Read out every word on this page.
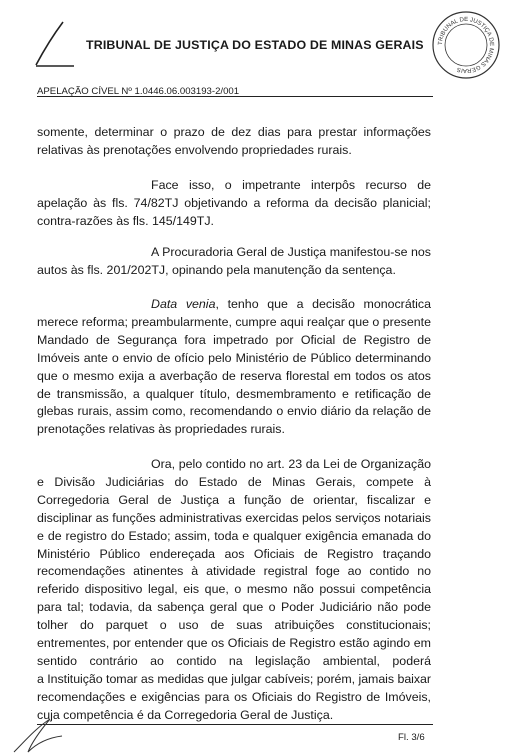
TRIBUNAL DE JUSTIÇA DO ESTADO DE MINAS GERAIS	TRIBUNAL DE JUSTIÇA DE MINAS GERAIS
APELAÇÃO CÍVEL Nº 1.0446.06.003193-2/001

somente, determinar o prazo de dez dias para prestar informações
relativas às prenotações envolvendo propriedades rurais.

Face isso, o impetrante interpôs recurso de
apelação às fls. 74/82TJ objetivando a reforma da decisão planicial;
contra-razões às fls. 145/149TJ.

A Procuradoria Geral de Justiça manifestou-se nos
autos às fls. 201/202TJ, opinando pela manutenção da sentença.

Data venia, tenho que a decisão monocrática
merece reforma; preambularmente, cumpre aqui realçar que o presente
Mandado de Segurança fora impetrado por Oficial de Registro de
Imóveis ante o envio de ofício pelo Ministério de Público determinando
que o mesmo exija a averbação de reserva florestal em todos os atos
de transmissão, a qualquer título, desmembramento e retificação de
glebas rurais, assim como, recomendando o envio diário da relação de
prenotações relativas às propriedades rurais.

Ora, pelo contido no art. 23 da Lei de Organização
e Divisão Judiciárias do Estado de Minas Gerais, compete à
Corregedoria Geral de Justiça a função de orientar, fiscalizar e
disciplinar as funções administrativas exercidas pelos serviços notariais
e de registro do Estado; assim, toda e qualquer exigência emanada do
Ministério Público endereçada aos Oficiais de Registro traçando
recomendações atinentes à atividade registral foge ao contido no
referido dispositivo legal, eis que, o mesmo não possui competência
para tal; todavia, da sabença geral que o Poder Judiciário não pode
tolher do parquet o uso de suas atribuições constitucionais;
entrementes, por entender que os Oficiais de Registro estão agindo em
sentido contrário ao contido na legislação ambiental, poderá
a Instituição tomar as medidas que julgar cabíveis; porém, jamais baixar
recomendações e exigências para os Oficiais do Registro de Imóveis,
cuja competência é da Corregedoria Geral de Justiça.

Fl. 3/6
